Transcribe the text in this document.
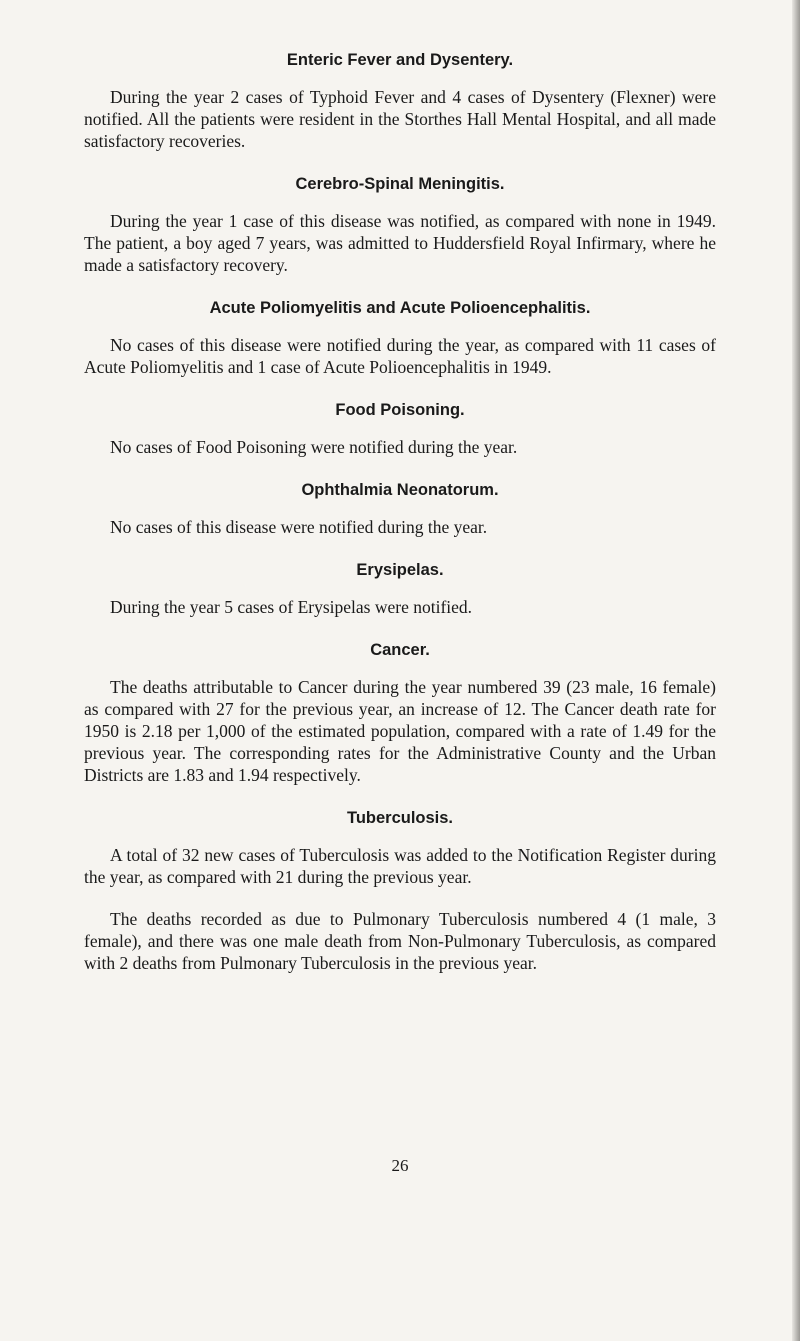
Enteric Fever and Dysentery.

During the year 2 cases of Typhoid Fever and 4 cases of Dysentery (Flexner) were notified. All the patients were resident in the Storthes Hall Mental Hospital, and all made satisfactory recoveries.

Cerebro-Spinal Meningitis.

During the year 1 case of this disease was notified, as compared with none in 1949. The patient, a boy aged 7 years, was admitted to Huddersfield Royal Infirmary, where he made a satisfactory recovery.

Acute Poliomyelitis and Acute Polioencephalitis.

No cases of this disease were notified during the year, as compared with 11 cases of Acute Poliomyelitis and 1 case of Acute Polioencephalitis in 1949.

Food Poisoning.

No cases of Food Poisoning were notified during the year.

Ophthalmia Neonatorum.

No cases of this disease were notified during the year.

Erysipelas.

During the year 5 cases of Erysipelas were notified.

Cancer.

The deaths attributable to Cancer during the year numbered 39 (23 male, 16 female) as compared with 27 for the previous year, an increase of 12. The Cancer death rate for 1950 is 2.18 per 1,000 of the estimated population, compared with a rate of 1.49 for the previous year. The corresponding rates for the Administrative County and the Urban Districts are 1.83 and 1.94 respectively.

Tuberculosis.

A total of 32 new cases of Tuberculosis was added to the Notification Register during the year, as compared with 21 during the previous year.

The deaths recorded as due to Pulmonary Tuberculosis numbered 4 (1 male, 3 female), and there was one male death from Non-Pulmonary Tuberculosis, as compared with 2 deaths from Pulmonary Tuberculosis in the previous year.

26
